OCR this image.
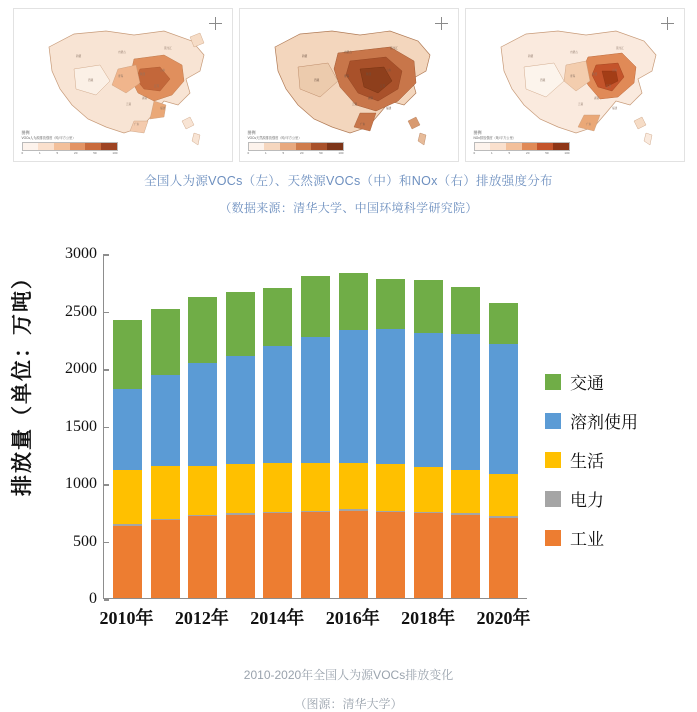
新疆
内蒙古
黑龙江
西藏
青海
陕西
山东
江苏
湖南
云南
福建
广东
图例
VOCs人为源排放强度（吨/平方公里）
0	1	5	20	50	100
新疆
内蒙古
黑龙江
西藏
青海
陕西
山东
江苏
湖南
云南
福建
广东
图例
VOCs天然源排放强度（吨/平方公里）
0	1	5	20	50	100
新疆
内蒙古
黑龙江
西藏
青海
陕西
山东
江苏
湖南
云南
福建
广东
图例
NOx排放强度（吨/平方公里）
0	1	5	20	50	100
全国人为源VOCs（左）、天然源VOCs（中）和NOx（右）排放强度分布
（数据来源：清华大学、中国环境科学研究院）
排放量（单位：万吨）
0
500
1000
1500
2000
2500
3000
2010年 2012年 2014年 2016年 2018年 2020年
交通
溶剂使用
生活
电力
工业
2010-2020年全国人为源VOCs排放变化
（图源：清华大学）
